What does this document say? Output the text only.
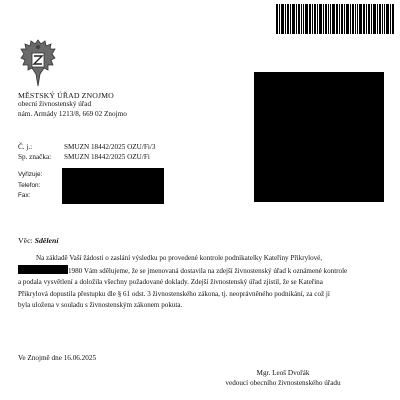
MĚSTSKÝ ÚŘAD ZNOJMO
obecní živnostenský úřad
nám. Armády 1213/8, 669 02 Znojmo
Č. j.:	SMUZN 18442/2025 OZU/Fi/3
Sp. značka:	SMUZN 18442/2025 OZU/Fi
Vyřizuje:
Telefon:
Fax:
Věc: Sdělení
Na základě Vaší žádosti o zaslání výsledku po provedené kontrole podnikatelky Kateřiny Přikrylové,
1980 Vám sdělujeme, že se jmenovaná dostavila na zdejší živnostenský úřad k oznámené kontrole
a podala vysvětlení a doložila všechny požadované doklady. Zdejší živnostenský úřad zjistil, že se Kateřina
Přikrylová dopustila přestupku dle § 61 odst. 3 živnostenského zákona, tj. neoprávněného podnikání, za což jí
byla uložena v souladu s živnostenským zákonem pokuta.
Ve Znojmě dne 16.06.2025
Mgr. Leoš Dvořák
vedoucí obecního živnostenského úřadu
